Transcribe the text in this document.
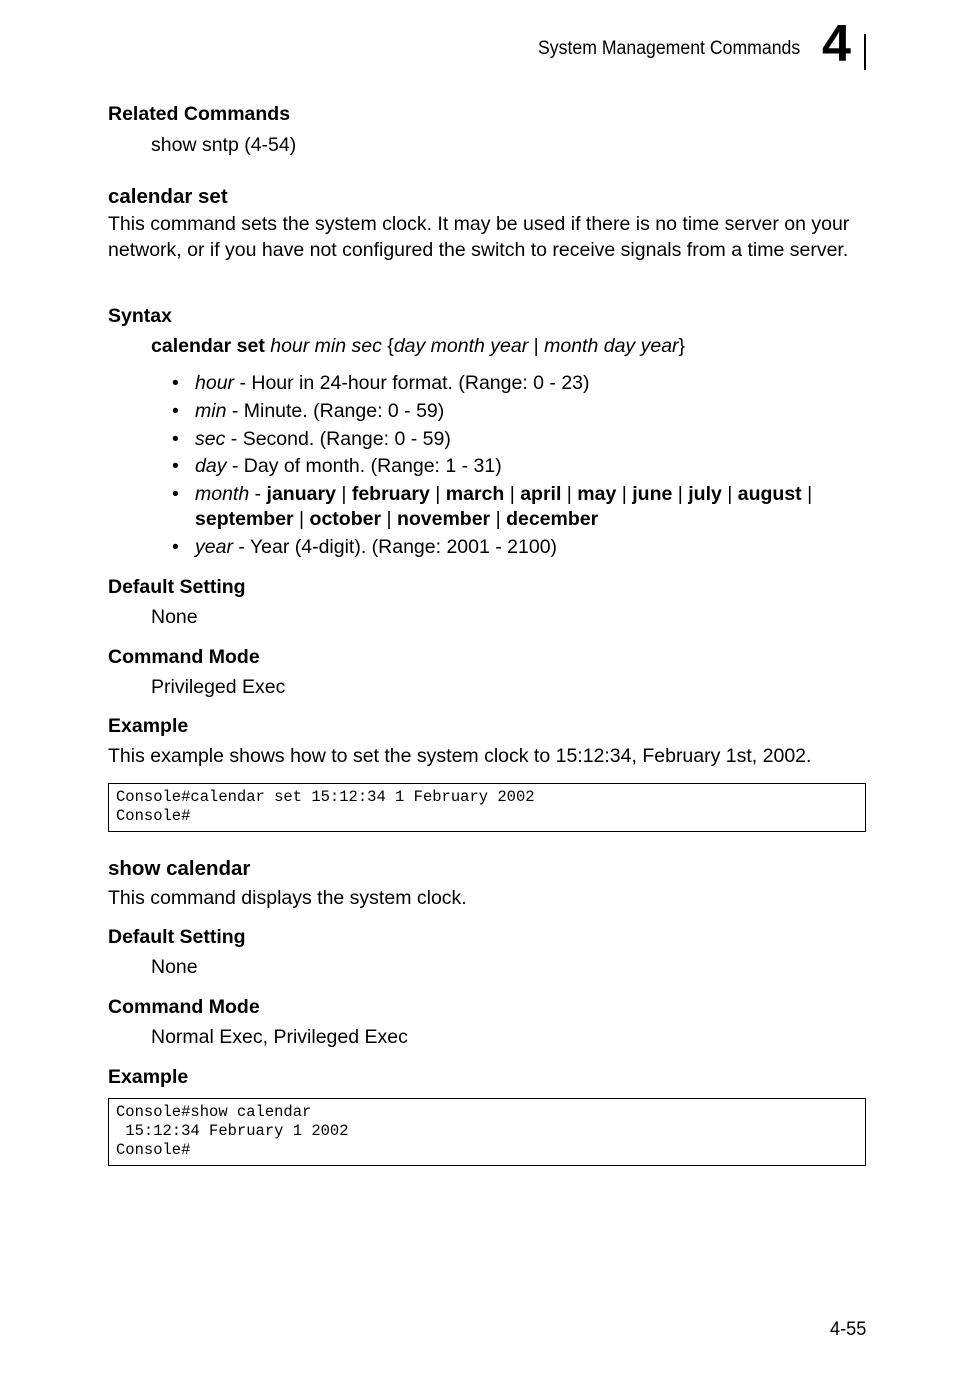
System Management Commands 4
Related Commands
show sntp (4-54)
calendar set
This command sets the system clock. It may be used if there is no time server on your network, or if you have not configured the switch to receive signals from a time server.
Syntax
calendar set hour min sec {day month year | month day year}
• hour - Hour in 24-hour format. (Range: 0 - 23)
• min - Minute. (Range: 0 - 59)
• sec - Second. (Range: 0 - 59)
• day - Day of month. (Range: 1 - 31)
• month - january | february | march | april | may | june | july | august |
september | october | november | december
• year - Year (4-digit). (Range: 2001 - 2100)
Default Setting
None
Command Mode
Privileged Exec
Example
This example shows how to set the system clock to 15:12:34, February 1st, 2002.
Console#calendar set 15:12:34 1 February 2002
Console#
show calendar
This command displays the system clock.
Default Setting
None
Command Mode
Normal Exec, Privileged Exec
Example
Console#show calendar
15:12:34 February 1 2002
Console#
4-55
